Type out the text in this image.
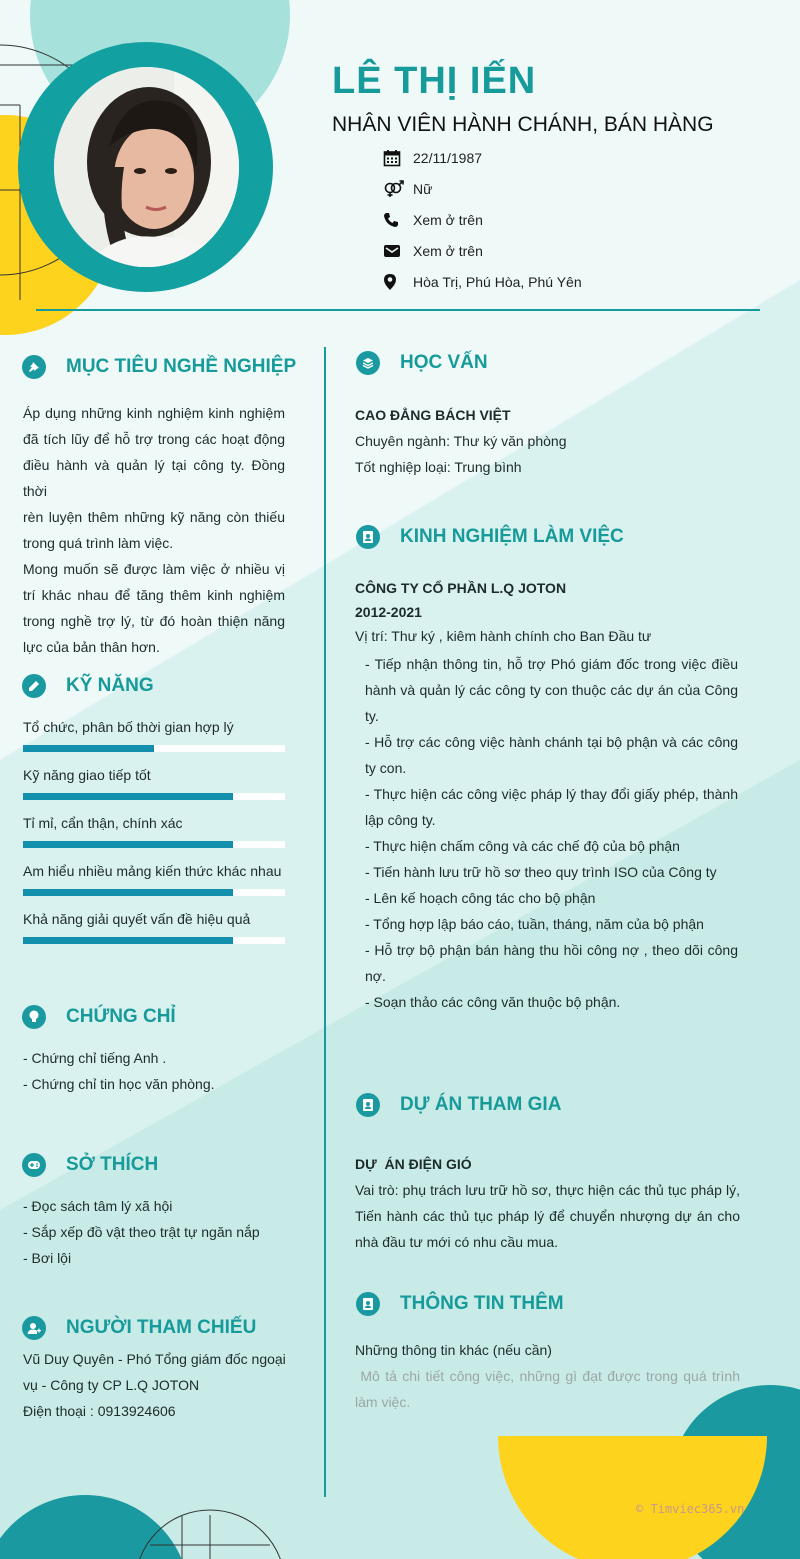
LÊ THỊ IẾN
NHÂN VIÊN HÀNH CHÁNH, BÁN HÀNG
22/11/1987
Nữ
Xem ở trên
Xem ở trên
Hòa Trị, Phú Hòa, Phú Yên
MỤC TIÊU NGHỀ NGHIỆP
Áp dụng những kinh nghiệm kinh nghiệm
đã tích lũy để hỗ trợ trong các hoạt động
điều hành và quản lý tại công ty. Đồng thời
rèn luyện thêm những kỹ năng còn thiếu
trong quá trình làm việc.
Mong muốn sẽ được làm việc ở nhiều vị
trí khác nhau để tăng thêm kinh nghiệm
trong nghề trợ lý, từ đó hoàn thiện năng
lực của bản thân hơn.
KỸ NĂNG
Tổ chức, phân bố thời gian hợp lý
Kỹ năng giao tiếp tốt
Tỉ mỉ, cẩn thận, chính xác
Am hiểu nhiều mảng kiến thức khác nhau
Khả năng giải quyết vấn đề hiệu quả
CHỨNG CHỈ
- Chứng chỉ tiếng Anh .
- Chứng chỉ tin học văn phòng.
SỞ THÍCH
- Đọc sách tâm lý xã hội
- Sắp xếp đồ vật theo trật tự ngăn nắp
- Bơi lội
NGƯỜI THAM CHIẾU
Vũ Duy Quyên - Phó Tổng giám đốc ngoại
vụ - Công ty CP L.Q JOTON
Điện thoại : 0913924606
HỌC VẤN
CAO ĐẲNG BÁCH VIỆT
Chuyên ngành: Thư ký văn phòng
Tốt nghiệp loại: Trung bình
KINH NGHIỆM LÀM VIỆC
CÔNG TY CỔ PHẦN L.Q JOTON
2012-2021
Vị trí: Thư ký , kiêm hành chính cho Ban Đầu tư
- Tiếp nhận thông tin, hỗ trợ Phó giám đốc trong việc điều
hành và quản lý các công ty con thuộc các dự án của Công
ty.
- Hỗ trợ các công việc hành chánh tại bộ phận và các công
ty con.
- Thực hiện các công việc pháp lý thay đổi giấy phép, thành
lập công ty.
- Thực hiện chấm công và các chế độ của bộ phận
- Tiến hành lưu trữ hồ sơ theo quy trình ISO của Công ty
- Lên kế hoạch công tác cho bộ phận
- Tổng hợp lập báo cáo, tuần, tháng, năm của bộ phận
- Hỗ trợ bộ phận bán hàng thu hồi công nợ , theo dõi công
nợ.
- Soạn thảo các công văn thuộc bộ phận.
DỰ ÁN THAM GIA
DỰ  ÁN ĐIỆN GIÓ
Vai trò: phụ trách lưu trữ hồ sơ, thực hiện các thủ tục pháp lý,
Tiến hành các thủ tục pháp lý để chuyển nhượng dự án cho
nhà đầu tư mới có nhu cầu mua.
THÔNG TIN THÊM
Những thông tin khác (nếu cần)
Mô tả chi tiết công việc, những gì đạt được trong quá trình
làm việc.
© Timviec365.vn
